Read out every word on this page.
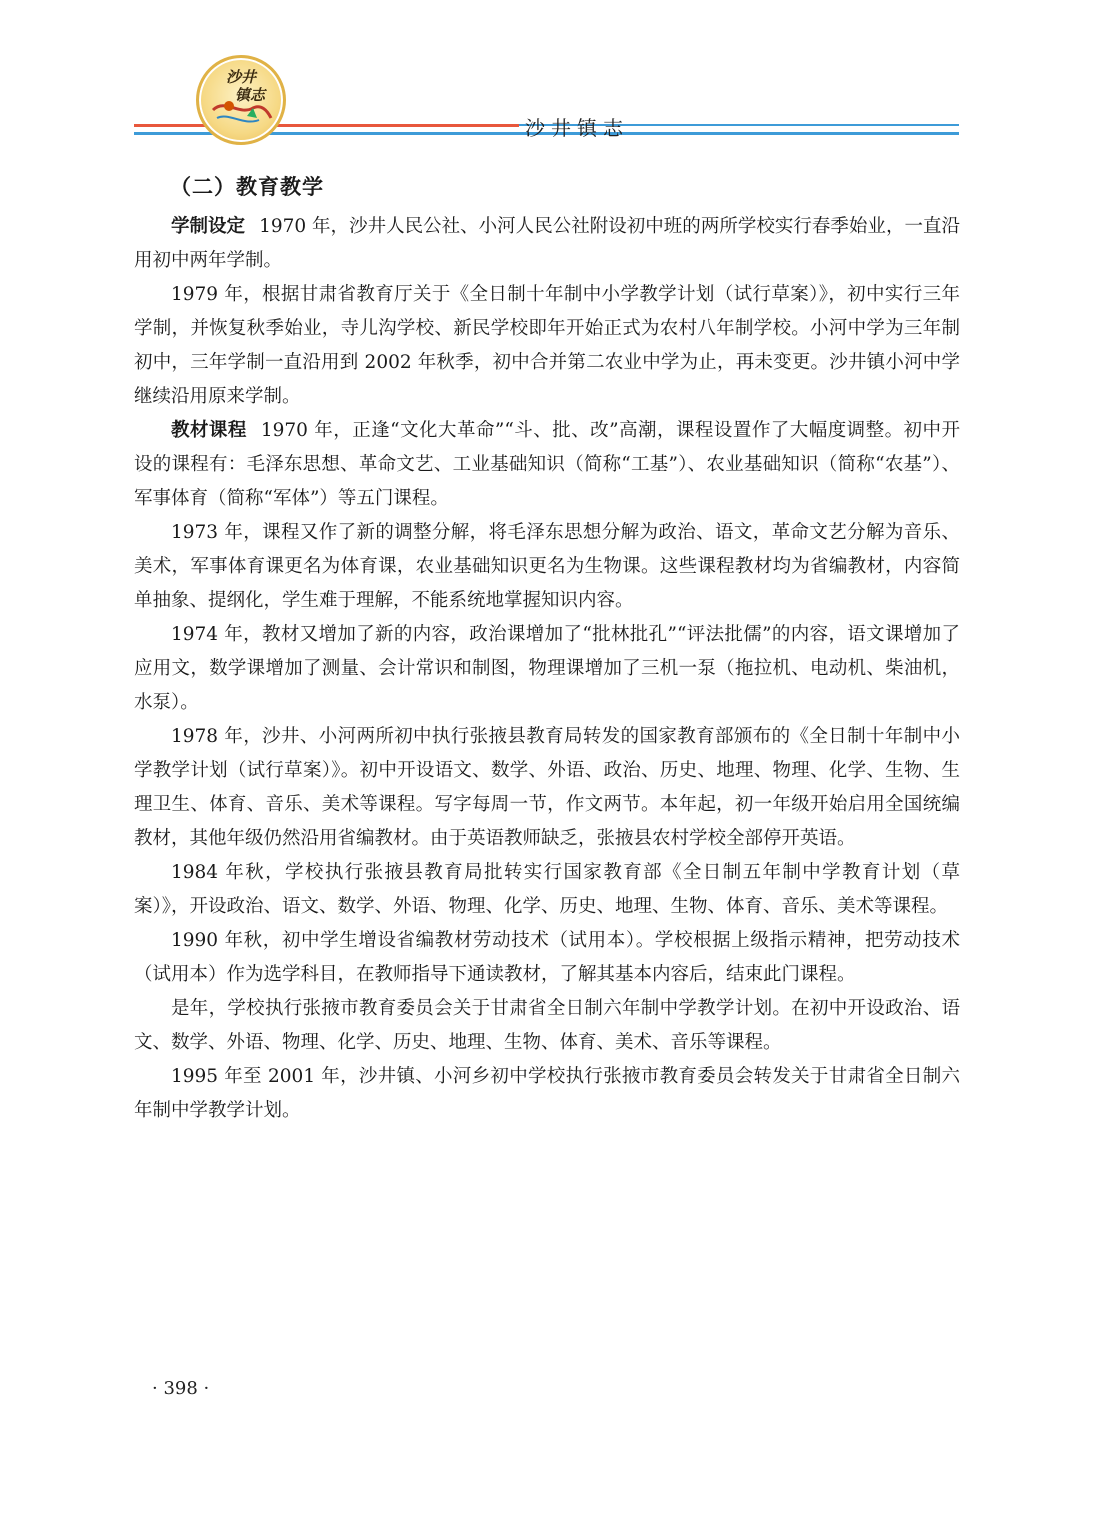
沙井
镇志
沙井镇志
（二）教育教学

学制设定 1970 年，沙井人民公社、小河人民公社附设初中班的两所学校实行春季始业，一直沿用初中两年学制。

1979 年，根据甘肃省教育厅关于《全日制十年制中小学教学计划（试行草案）》，初中实行三年学制，并恢复秋季始业，寺儿沟学校、新民学校即年开始正式为农村八年制学校。小河中学为三年制初中，三年学制一直沿用到 2002 年秋季，初中合并第二农业中学为止，再未变更。沙井镇小河中学继续沿用原来学制。

教材课程 1970 年，正逢“文化大革命”“斗、批、改”高潮，课程设置作了大幅度调整。初中开设的课程有：毛泽东思想、革命文艺、工业基础知识（简称“工基”）、农业基础知识（简称“农基”）、军事体育（简称“军体”）等五门课程。

1973 年，课程又作了新的调整分解，将毛泽东思想分解为政治、语文，革命文艺分解为音乐、美术，军事体育课更名为体育课，农业基础知识更名为生物课。这些课程教材均为省编教材，内容简单抽象、提纲化，学生难于理解，不能系统地掌握知识内容。

1974 年，教材又增加了新的内容，政治课增加了“批林批孔”“评法批儒”的内容，语文课增加了应用文，数学课增加了测量、会计常识和制图，物理课增加了三机一泵（拖拉机、电动机、柴油机，水泵）。

1978 年，沙井、小河两所初中执行张掖县教育局转发的国家教育部颁布的《全日制十年制中小学教学计划（试行草案）》。初中开设语文、数学、外语、政治、历史、地理、物理、化学、生物、生理卫生、体育、音乐、美术等课程。写字每周一节，作文两节。本年起，初一年级开始启用全国统编教材，其他年级仍然沿用省编教材。由于英语教师缺乏，张掖县农村学校全部停开英语。

1984 年秋，学校执行张掖县教育局批转实行国家教育部《全日制五年制中学教育计划（草案）》，开设政治、语文、数学、外语、物理、化学、历史、地理、生物、体育、音乐、美术等课程。

1990 年秋，初中学生增设省编教材劳动技术（试用本）。学校根据上级指示精神，把劳动技术（试用本）作为选学科目，在教师指导下通读教材，了解其基本内容后，结束此门课程。

是年，学校执行张掖市教育委员会关于甘肃省全日制六年制中学教学计划。在初中开设政治、语文、数学、外语、物理、化学、历史、地理、生物、体育、美术、音乐等课程。

1995 年至 2001 年，沙井镇、小河乡初中学校执行张掖市教育委员会转发关于甘肃省全日制六年制中学教学计划。

· 398 ·
